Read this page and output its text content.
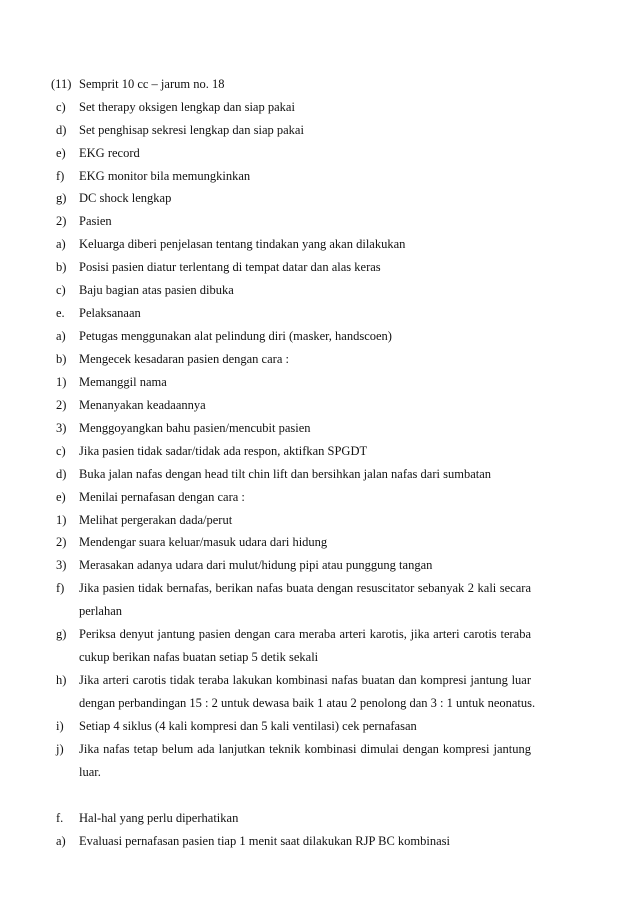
(11) Semprit 10 cc – jarum no. 18
c) Set therapy oksigen lengkap dan siap pakai
d) Set penghisap sekresi lengkap dan siap pakai
e) EKG record
f) EKG monitor bila memungkinkan
g) DC shock lengkap
2) Pasien
a) Keluarga diberi penjelasan tentang tindakan yang akan dilakukan
b) Posisi pasien diatur terlentang di tempat datar dan alas keras
c) Baju bagian atas pasien dibuka
e. Pelaksanaan
a) Petugas menggunakan alat pelindung diri (masker, handscoen)
b) Mengecek kesadaran pasien dengan cara :
1) Memanggil nama
2) Menanyakan keadaannya
3) Menggoyangkan bahu pasien/mencubit pasien
c) Jika pasien tidak sadar/tidak ada respon, aktifkan SPGDT
d) Buka jalan nafas dengan head tilt chin lift dan bersihkan jalan nafas dari sumbatan
e) Menilai pernafasan dengan cara :
1) Melihat pergerakan dada/perut
2) Mendengar suara keluar/masuk udara dari hidung
3) Merasakan adanya udara dari mulut/hidung pipi atau punggung tangan
f) Jika pasien tidak bernafas, berikan nafas buata dengan resuscitator sebanyak 2 kali secara
perlahan
g) Periksa denyut jantung pasien dengan cara meraba arteri karotis, jika arteri carotis teraba
cukup berikan nafas buatan setiap 5 detik sekali
h) Jika arteri carotis tidak teraba lakukan kombinasi nafas buatan dan kompresi jantung luar
dengan perbandingan 15 : 2 untuk dewasa baik 1 atau 2 penolong dan 3 : 1 untuk neonatus.
i) Setiap 4 siklus (4 kali kompresi dan 5 kali ventilasi) cek pernafasan
j) Jika nafas tetap belum ada lanjutkan teknik kombinasi dimulai dengan kompresi jantung
luar.
f. Hal-hal yang perlu diperhatikan
a) Evaluasi pernafasan pasien tiap 1 menit saat dilakukan RJP BC kombinasi
